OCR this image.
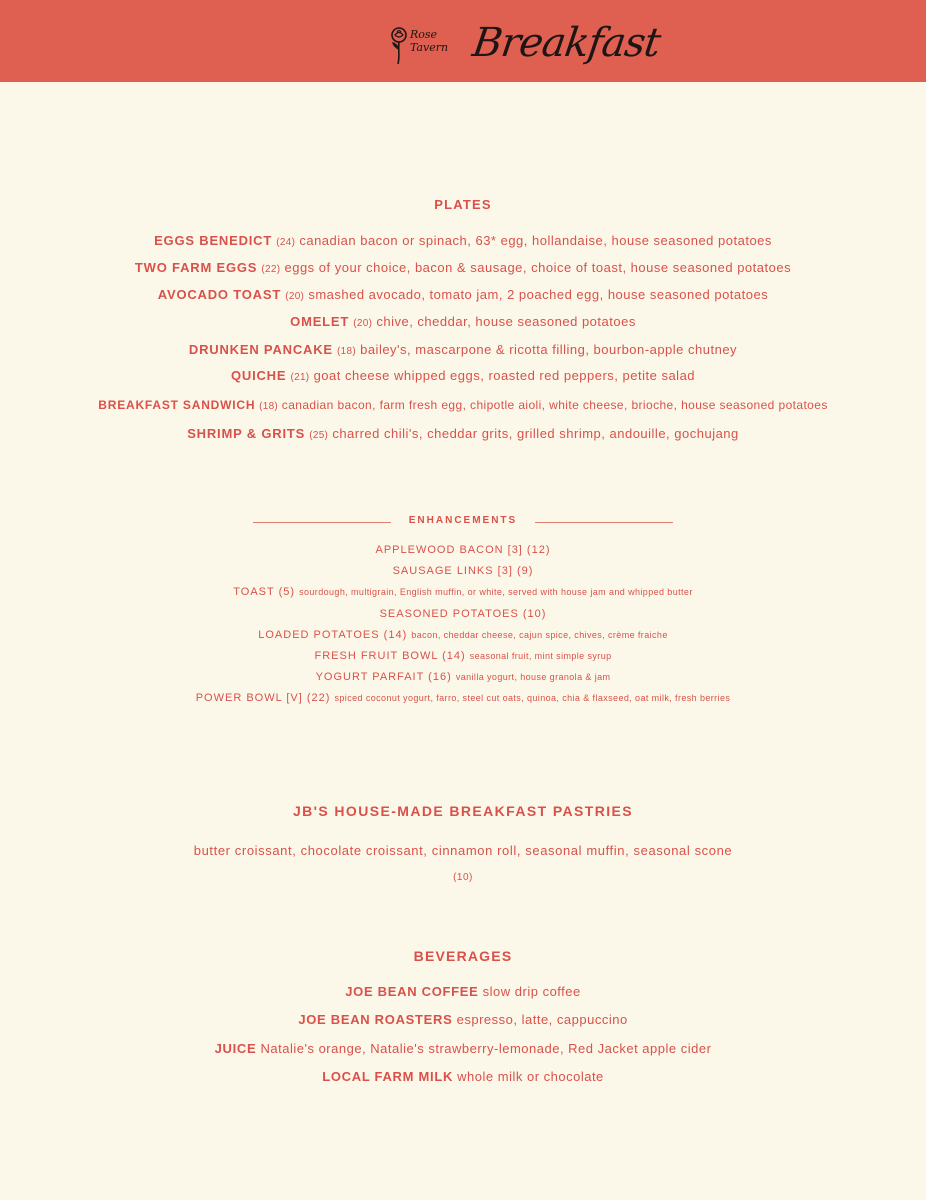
Rose
Tavern Breakfast
PLATES
EGGS BENEDICT (24) canadian bacon or spinach, 63* egg, hollandaise, house seasoned potatoes
TWO FARM EGGS (22) eggs of your choice, bacon & sausage, choice of toast, house seasoned potatoes
AVOCADO TOAST (20) smashed avocado, tomato jam, 2 poached egg, house seasoned potatoes
OMELET (20) chive, cheddar, house seasoned potatoes
DRUNKEN PANCAKE (18) bailey's, mascarpone & ricotta filling, bourbon-apple chutney
QUICHE (21) goat cheese whipped eggs, roasted red peppers, petite salad
BREAKFAST SANDWICH (18) canadian bacon, farm fresh egg, chipotle aioli, white cheese, brioche, house seasoned potatoes
SHRIMP & GRITS (25) charred chili's, cheddar grits, grilled shrimp, andouille, gochujang
ENHANCEMENTS
APPLEWOOD BACON [3] (12)
SAUSAGE LINKS [3] (9)
TOAST (5) sourdough, multigrain, English muffin, or white, served with house jam and whipped butter
SEASONED POTATOES (10)
LOADED POTATOES (14) bacon, cheddar cheese, cajun spice, chives, crème fraiche
FRESH FRUIT BOWL (14) seasonal fruit, mint simple syrup
YOGURT PARFAIT (16) vanilla yogurt, house granola & jam
POWER BOWL [V] (22) spiced coconut yogurt, farro, steel cut oats, quinoa, chia & flaxseed, oat milk, fresh berries
JB'S HOUSE-MADE BREAKFAST PASTRIES
butter croissant, chocolate croissant, cinnamon roll, seasonal muffin, seasonal scone
(10)
BEVERAGES
JOE BEAN COFFEE slow drip coffee
JOE BEAN ROASTERS espresso, latte, cappuccino
JUICE Natalie's orange, Natalie's strawberry-lemonade, Red Jacket apple cider
LOCAL FARM MILK whole milk or chocolate
